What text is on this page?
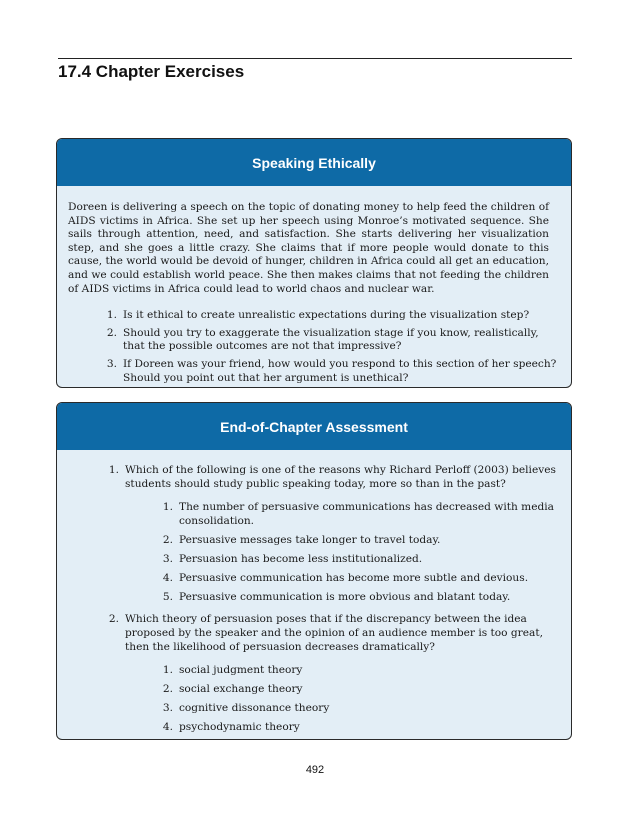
17.4 Chapter Exercises
Speaking Ethically

Doreen is delivering a speech on the topic of donating money to help feed the children of AIDS victims in Africa. She set up her speech using Monroe’s motivated sequence. She sails through attention, need, and satisfaction. She starts delivering her visualization step, and she goes a little crazy. She claims that if more people would donate to this cause, the world would be devoid of hunger, children in Africa could all get an education, and we could establish world peace. She then makes claims that not feeding the children of AIDS victims in Africa could lead to world chaos and nuclear war.

1. Is it ethical to create unrealistic expectations during the visualization step?
2. Should you try to exaggerate the visualization stage if you know, realistically, that the possible outcomes are not that impressive?
3. If Doreen was your friend, how would you respond to this section of her speech? Should you point out that her argument is unethical?
End-of-Chapter Assessment
1. Which of the following is one of the reasons why Richard Perloff (2003) believes students should study public speaking today, more so than in the past?
1. The number of persuasive communications has decreased with media consolidation.
2. Persuasive messages take longer to travel today.
3. Persuasion has become less institutionalized.
4. Persuasive communication has become more subtle and devious.
5. Persuasive communication is more obvious and blatant today.
2. Which theory of persuasion poses that if the discrepancy between the idea proposed by the speaker and the opinion of an audience member is too great, then the likelihood of persuasion decreases dramatically?
1. social judgment theory
2. social exchange theory
3. cognitive dissonance theory
4. psychodynamic theory
492
